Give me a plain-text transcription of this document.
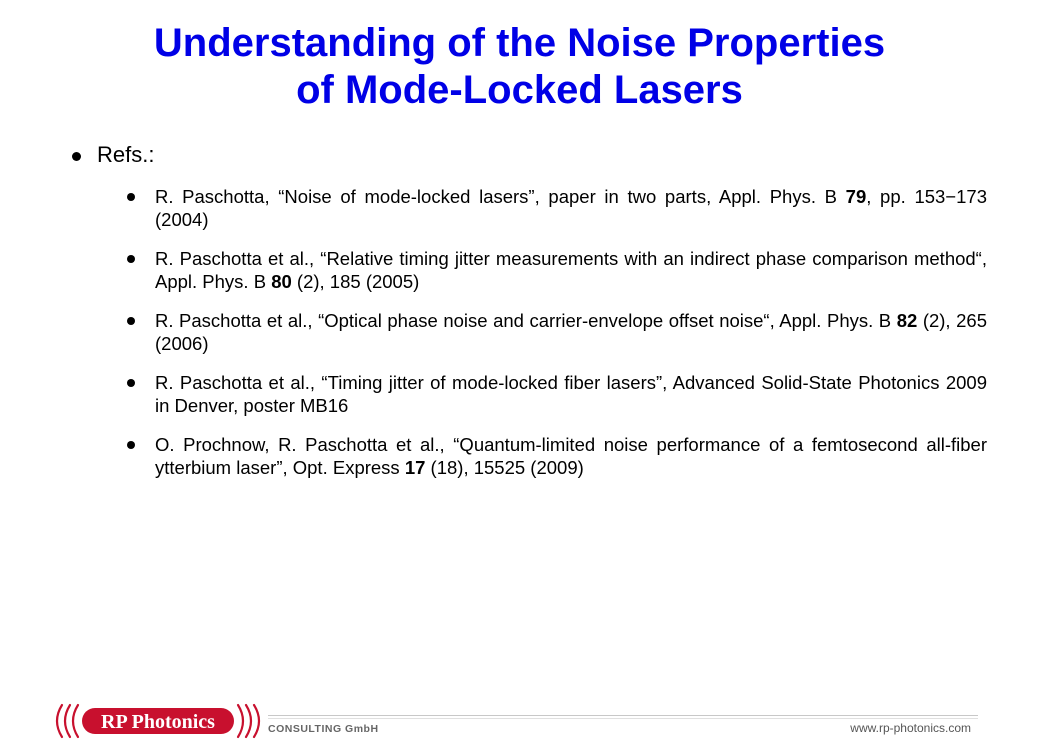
Understanding of the Noise Properties
of Mode-Locked Lasers
Refs.:
R. Paschotta, “Noise of mode-locked lasers”, paper in two parts, Appl. Phys. B 79, pp. 153−173 (2004)
R. Paschotta et al., “Relative timing jitter measurements with an indirect phase comparison method“, Appl. Phys. B 80 (2), 185 (2005)
R. Paschotta et al., “Optical phase noise and carrier-envelope offset noise“, Appl. Phys. B 82 (2), 265 (2006)
R. Paschotta et al., “Timing jitter of mode-locked fiber lasers”, Advanced Solid-State Photonics 2009 in Denver, poster MB16
O. Prochnow, R. Paschotta et al., “Quantum-limited noise performance of a femtosecond all-fiber ytterbium laser”, Opt. Express 17 (18), 15525 (2009)
RP Photonics	CONSULTING GmbH	www.rp-photonics.com
